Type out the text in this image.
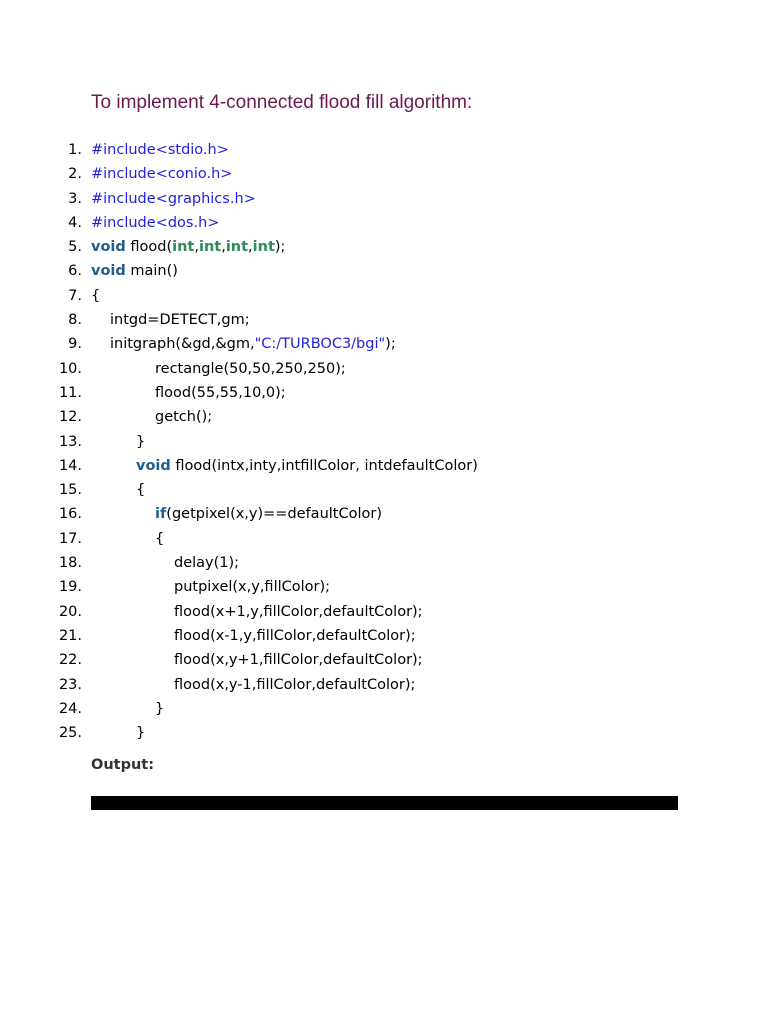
To implement 4-connected flood fill algorithm:
1. #include<stdio.h>
2. #include<conio.h>
3. #include<graphics.h>
4. #include<dos.h>
5. void flood(int,int,int,int);
6. void main()
7. {
8. intgd=DETECT,gm;
9. initgraph(&gd,&gm,"C:/TURBOC3/bgi");
10.	rectangle(50,50,250,250);
11.	flood(55,55,10,0);
12.	getch();
13.	}
14.	void flood(intx,inty,intfillColor, intdefaultColor)
15.	{
16.	if(getpixel(x,y)==defaultColor)
17.	{
18.	delay(1);
19.	putpixel(x,y,fillColor);
20.	flood(x+1,y,fillColor,defaultColor);
21.	flood(x-1,y,fillColor,defaultColor);
22.	flood(x,y+1,fillColor,defaultColor);
23.	flood(x,y-1,fillColor,defaultColor);
24.	}
25.	}
Output:
